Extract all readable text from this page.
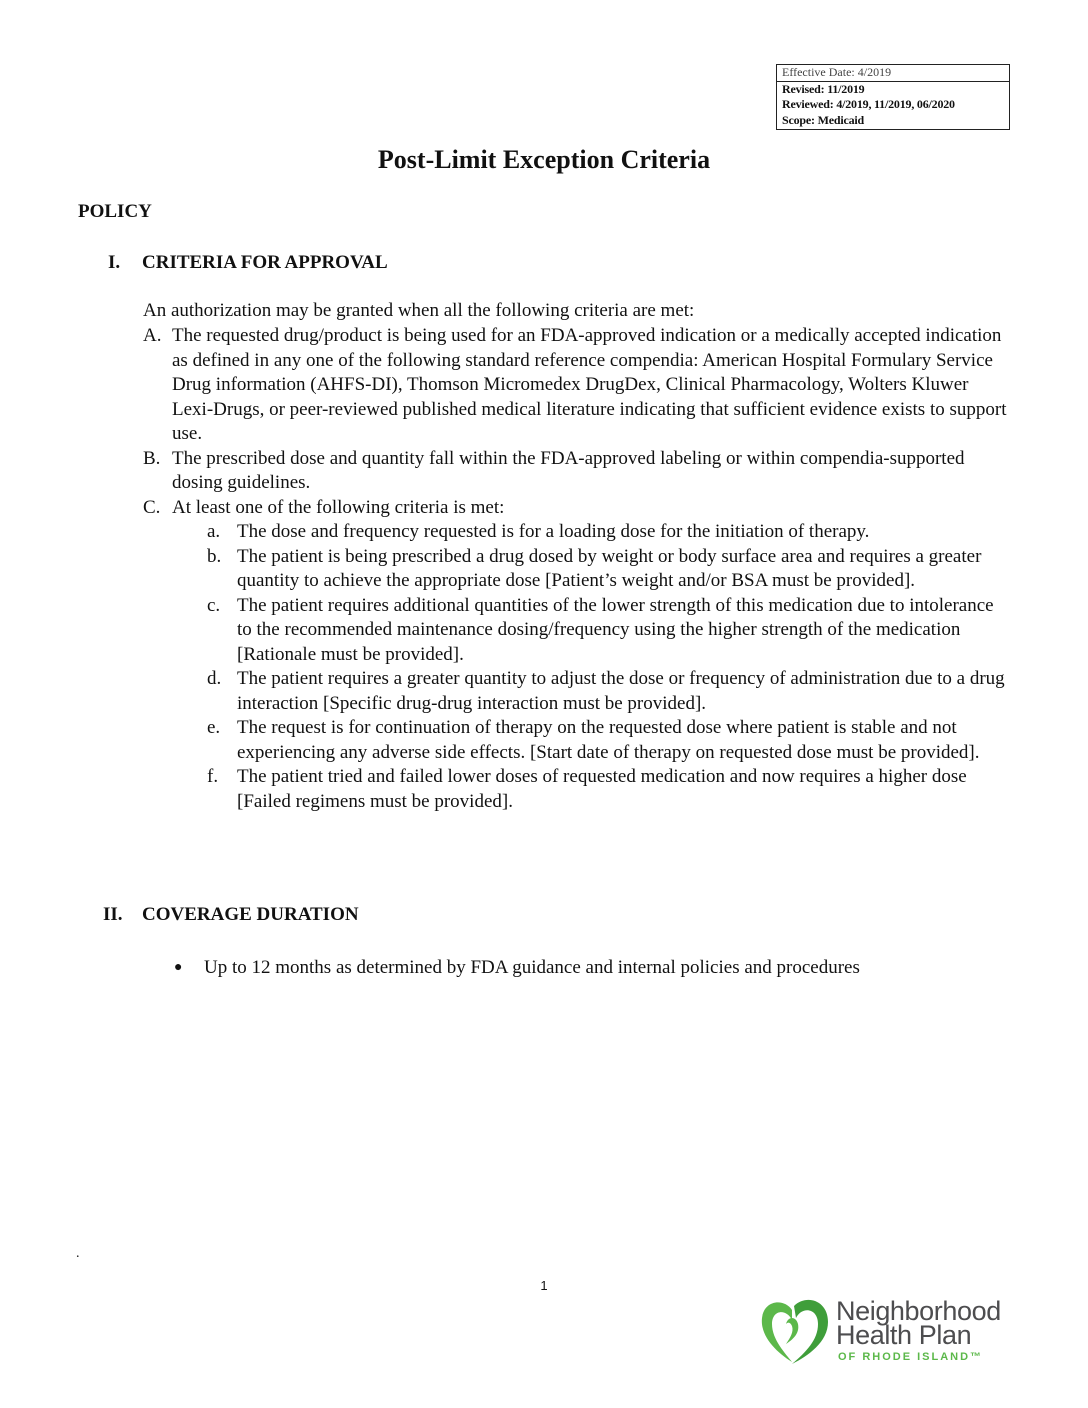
Effective Date: 4/2019
Revised: 11/2019
Reviewed: 4/2019, 11/2019, 06/2020
Scope: Medicaid
Post-Limit Exception Criteria
POLICY
I. CRITERIA FOR APPROVAL
An authorization may be granted when all the following criteria are met:
A. The requested drug/product is being used for an FDA-approved indication or a medically accepted indication as defined in any one of the following standard reference compendia: American Hospital Formulary Service Drug information (AHFS-DI), Thomson Micromedex DrugDex, Clinical Pharmacology, Wolters Kluwer Lexi-Drugs, or peer-reviewed published medical literature indicating that sufficient evidence exists to support use.
B. The prescribed dose and quantity fall within the FDA-approved labeling or within compendia-supported dosing guidelines.
C. At least one of the following criteria is met:
a. The dose and frequency requested is for a loading dose for the initiation of therapy.
b. The patient is being prescribed a drug dosed by weight or body surface area and requires a greater quantity to achieve the appropriate dose [Patient’s weight and/or BSA must be provided].
c. The patient requires additional quantities of the lower strength of this medication due to intolerance to the recommended maintenance dosing/frequency using the higher strength of the medication [Rationale must be provided].
d. The patient requires a greater quantity to adjust the dose or frequency of administration due to a drug interaction [Specific drug-drug interaction must be provided].
e. The request is for continuation of therapy on the requested dose where patient is stable and not experiencing any adverse side effects. [Start date of therapy on requested dose must be provided].
f. The patient tried and failed lower doses of requested medication and now requires a higher dose [Failed regimens must be provided].
II. COVERAGE DURATION
● Up to 12 months as determined by FDA guidance and internal policies and procedures
.
1
Neighborhood
Health Plan
OF RHODE ISLAND™
